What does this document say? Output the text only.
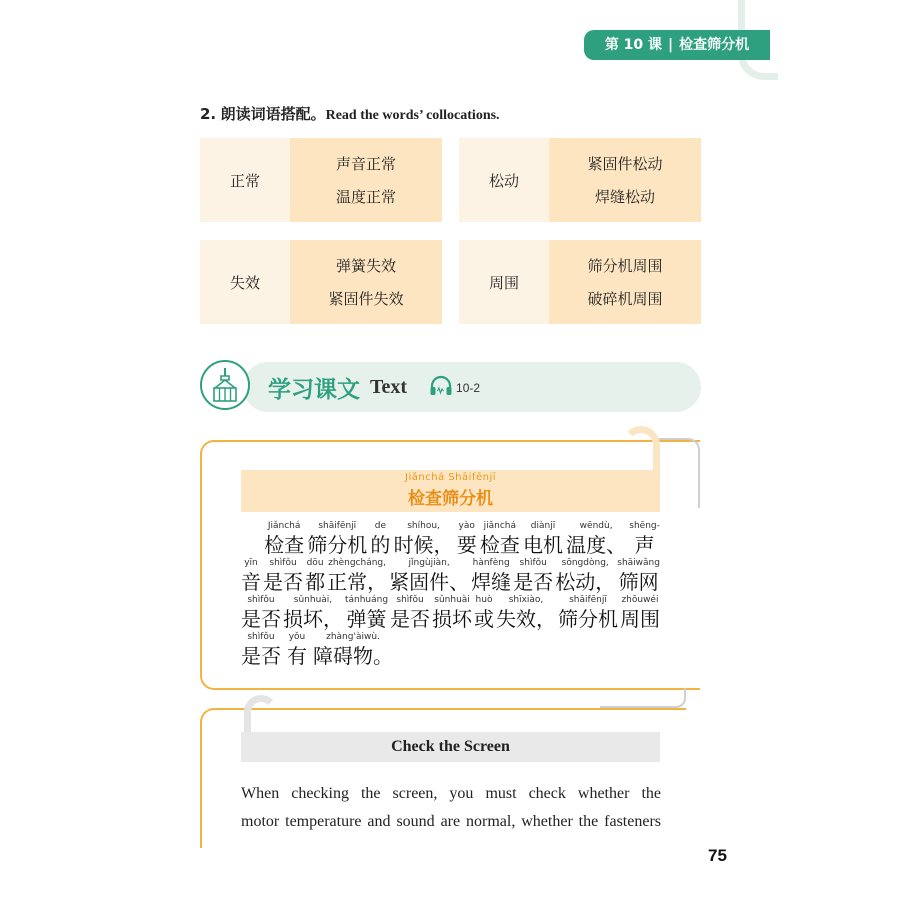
第 10 课 | 检查筛分机
2. 朗读词语搭配。Read the words’ collocations.
正常
声音正常
温度正常
松动
紧固件松动
焊缝松动
失效
弹簧失效
紧固件失效
周围
筛分机周围
破碎机周围
学习课文 Text	10-2
Jiǎnchá Shāifēnjī
检查筛分机

Jiǎnchá
检查
shāifēnjī
筛分机
de
的
shíhou,
时候，
yào
要
jiǎnchá
检查
diànjī
电机
wēndù,
温度、
shēng-
声
yīn
音
shìfǒu
是否
dōu
都
zhèngcháng,
正常，
jǐngùjiàn,
紧固件、
hànfèng
焊缝
shìfǒu
是否
sōngdòng,
松动，
shāiwǎng
筛网
shìfǒu
是否
sǔnhuài,
损坏，
tánhuáng
弹簧
shìfǒu
是否
sǔnhuài
损坏
huò
或
shīxiào,
失效，
shāifēnjī
筛分机
zhōuwéi
周围
shìfǒu
是否
yǒu
有
zhàng'àiwù.
障碍物。
Check the Screen
When checking the screen, you must check whether the
motor temperature and sound are normal, whether the fasteners
75
